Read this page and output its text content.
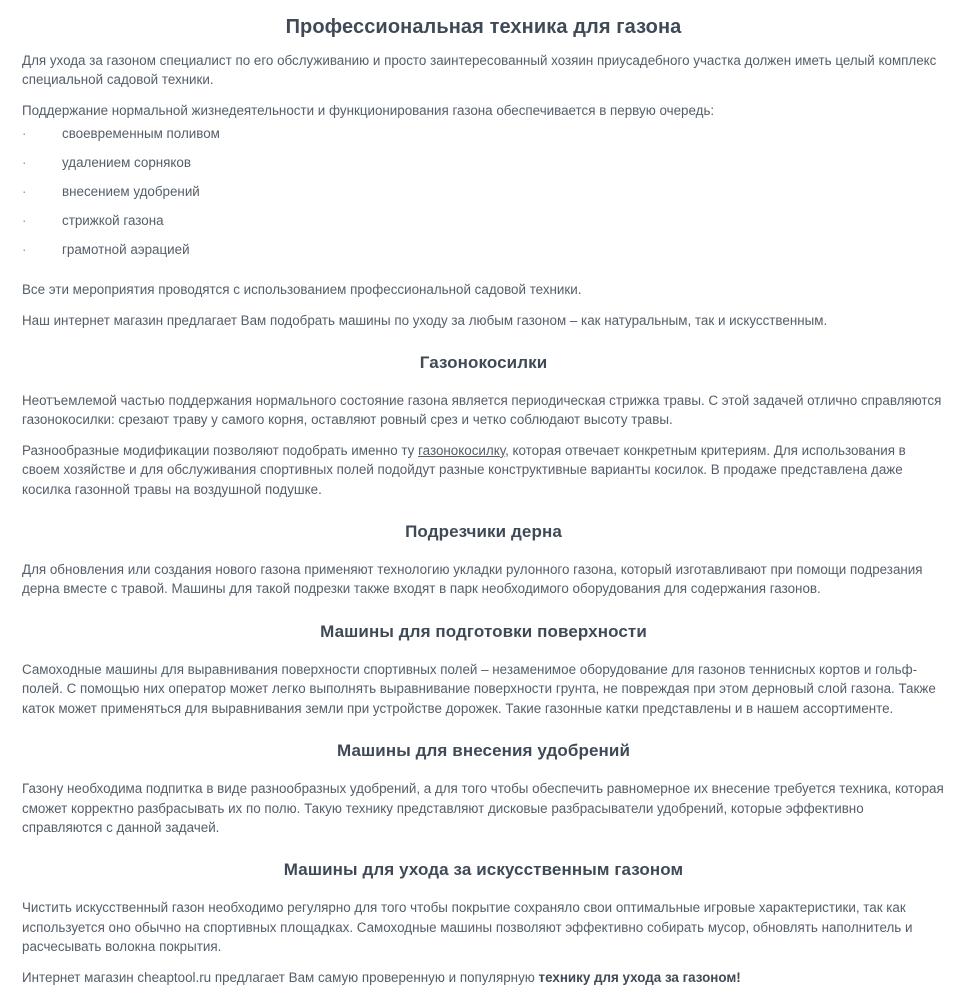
Профессиональная техника для газона

Для ухода за газоном специалист по его обслуживанию и просто заинтересованный хозяин приусадебного участка должен иметь целый комплекс специальной садовой техники.

Поддержание нормальной жизнедеятельности и функционирования газона обеспечивается в первую очередь:

·	своевременным поливом
·	удалением сорняков
·	внесением удобрений
·	стрижкой газона
·	грамотной аэрацией

Все эти мероприятия проводятся с использованием профессиональной садовой техники.

Наш интернет магазин предлагает Вам подобрать машины по уходу за любым газоном – как натуральным, так и искусственным.

Газонокосилки

Неотъемлемой частью поддержания нормального состояние газона является периодическая стрижка травы. С этой задачей отлично справляются газонокосилки: срезают траву у самого корня, оставляют ровный срез и четко соблюдают высоту травы.

Разнообразные модификации позволяют подобрать именно ту газонокосилку, которая отвечает конкретным критериям. Для использования в своем хозяйстве и для обслуживания спортивных полей подойдут разные конструктивные варианты косилок. В продаже представлена даже косилка газонной травы на воздушной подушке.

Подрезчики дерна

Для обновления или создания нового газона применяют технологию укладки рулонного газона, который изготавливают при помощи подрезания дерна вместе с травой. Машины для такой подрезки также входят в парк необходимого оборудования для содержания газонов.

Машины для подготовки поверхности

Самоходные машины для выравнивания поверхности спортивных полей – незаменимое оборудование для газонов теннисных кортов и гольф-полей. С помощью них оператор может легко выполнять выравнивание поверхности грунта, не повреждая при этом дерновый слой газона. Также каток может применяться для выравнивания земли при устройстве дорожек. Такие газонные катки представлены и в нашем ассортименте.

Машины для внесения удобрений

Газону необходима подпитка в виде разнообразных удобрений, а для того чтобы обеспечить равномерное их внесение требуется техника, которая сможет корректно разбрасывать их по полю. Такую технику представляют дисковые разбрасыватели удобрений, которые эффективно справляются с данной задачей.

Машины для ухода за искусственным газоном

Чистить искусственный газон необходимо регулярно для того чтобы покрытие сохраняло свои оптимальные игровые характеристики, так как используется оно обычно на спортивных площадках. Самоходные машины позволяют эффективно собирать мусор, обновлять наполнитель и расчесывать волокна покрытия.

Интернет магазин cheaptool.ru предлагает Вам самую проверенную и популярную технику для ухода за газоном!
